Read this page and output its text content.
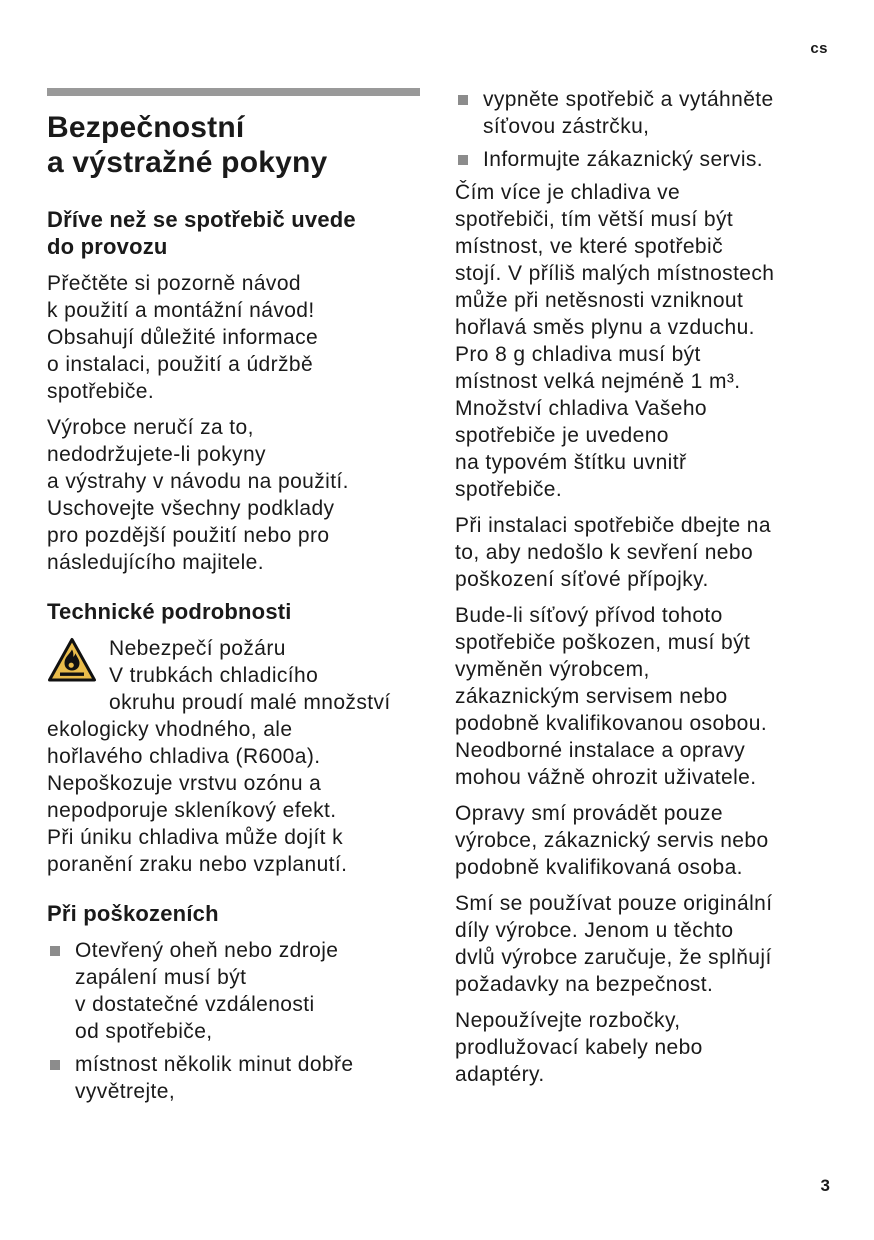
cs
Bezpečnostní
a výstražné pokyny
Dříve než se spotřebič uvede
do provozu

Přečtěte si pozorně návod
k použití a montážní návod!
Obsahují důležité informace
o instalaci, použití a údržbě
spotřebiče.

Výrobce neručí za to,
nedodržujete-li pokyny
a výstrahy v návodu na použití.
Uschovejte všechny podklady
pro pozdější použití nebo pro
následujícího majitele.

Technické podrobnosti
Nebezpečí požáru
V trubkách chladicího
okruhu proudí malé množství
ekologicky vhodného, ale
hořlavého chladiva (R600a).
Nepoškozuje vrstvu ozónu a
nepodporuje skleníkový efekt.
Při úniku chladiva může dojít k
poranění zraku nebo vzplanutí.
Při poškozeních
Otevřený oheň nebo zdroje
zapálení musí být
v dostatečné vzdálenosti
od spotřebiče,
místnost několik minut dobře
vyvětrejte,
vypněte spotřebič a vytáhněte
síťovou zástrčku,
Informujte zákaznický servis.

Čím více je chladiva ve
spotřebiči, tím větší musí být
místnost, ve které spotřebič
stojí. V příliš malých místnostech
může při netěsnosti vzniknout
hořlavá směs plynu a vzduchu.
Pro 8 g chladiva musí být
místnost velká nejméně 1 m³.
Množství chladiva Vašeho
spotřebiče je uvedeno
na typovém štítku uvnitř
spotřebiče.

Při instalaci spotřebiče dbejte na
to, aby nedošlo k sevření nebo
poškození síťové přípojky.

Bude-li síťový přívod tohoto
spotřebiče poškozen, musí být
vyměněn výrobcem,
zákaznickým servisem nebo
podobně kvalifikovanou osobou.
Neodborné instalace a opravy
mohou vážně ohrozit uživatele.

Opravy smí provádět pouze
výrobce, zákaznický servis nebo
podobně kvalifikovaná osoba.

Smí se používat pouze originální
díly výrobce. Jenom u těchto
dvlů výrobce zaručuje, že splňují
požadavky na bezpečnost.

Nepoužívejte rozbočky,
prodlužovací kabely nebo
adaptéry.

3
